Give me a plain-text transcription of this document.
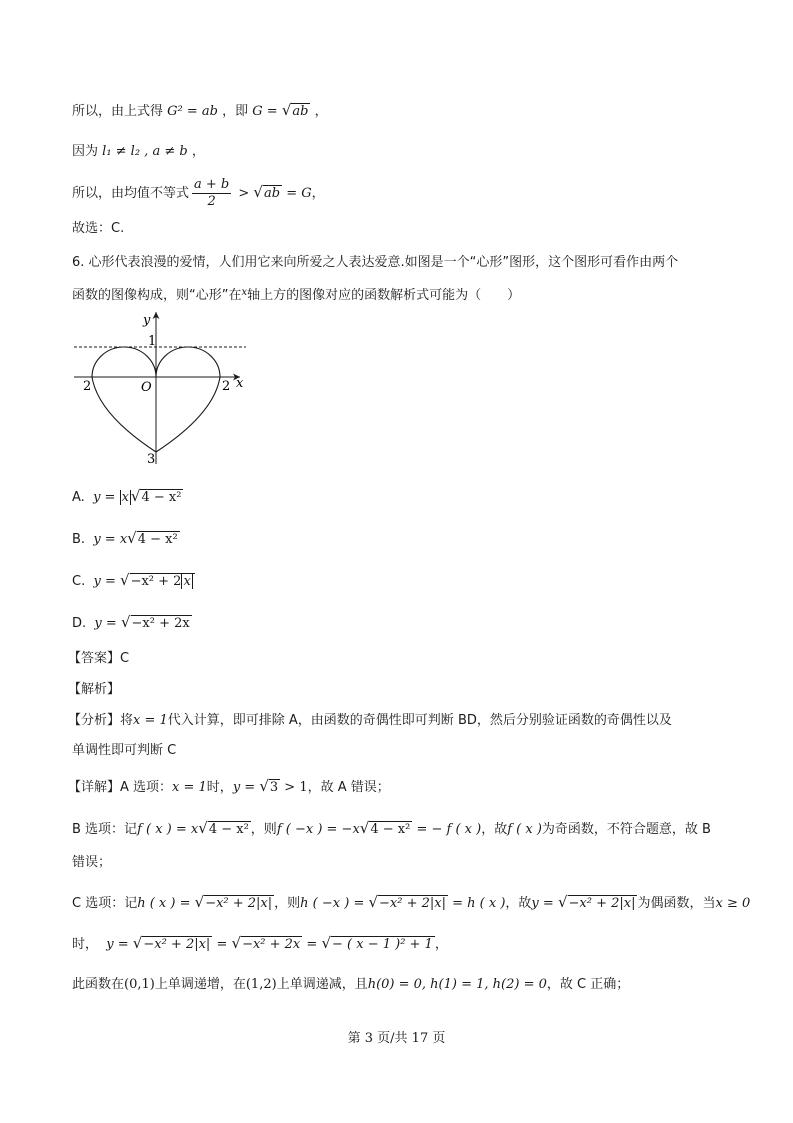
所以，由上式得 G² = ab ，即 G = √ab ，
因为 l₁ ≠ l₂ , a ≠ b ，
所以，由均值不等式 $\frac{a + b}{2} > √ab = G$，
故选：C.
6. 心形代表浪漫的爱情，人们用它来向所爱之人表达爱意.如图是一个“心形”图形，这个图形可看作由两个
函数的图像构成，则“心形”在$^x$轴上方的图像对应的函数解析式可能为（　　）
y
x
O
1
2	2
3
A. y = x √4 − x²
B. y = x√4 − x²
C. y = √−x² + 2 x
D. y = √−x² + 2x
【答案】C
【解析】
【分析】将x = 1代入计算，即可排除 A，由函数的奇偶性即可判断 BD，然后分别验证函数的奇偶性以及
单调性即可判断 C
【详解】A 选项：x = 1时，y = √3 > 1，故 A 错误；
B 选项：记f ( x ) = x√4 − x² ，则f ( −x ) = −x√4 − x² = − f ( x )，故f ( x )为奇函数，不符合题意，故 B
错误；
C 选项：记h ( x ) = √−x² + 2|x| ，则h ( −x ) = √−x² + 2|x| = h ( x )，故y = √−x² + 2|x| 为偶函数，当x ≥ 0
时， y = √−x² + 2|x| = √−x² + 2x = √− ( x − 1 )² + 1 ，
此函数在(0,1)上单调递增，在(1,2)上单调递减，且h(0) = 0, h(1) = 1, h(2) = 0，故 C 正确；
第 3 页/共 17 页
